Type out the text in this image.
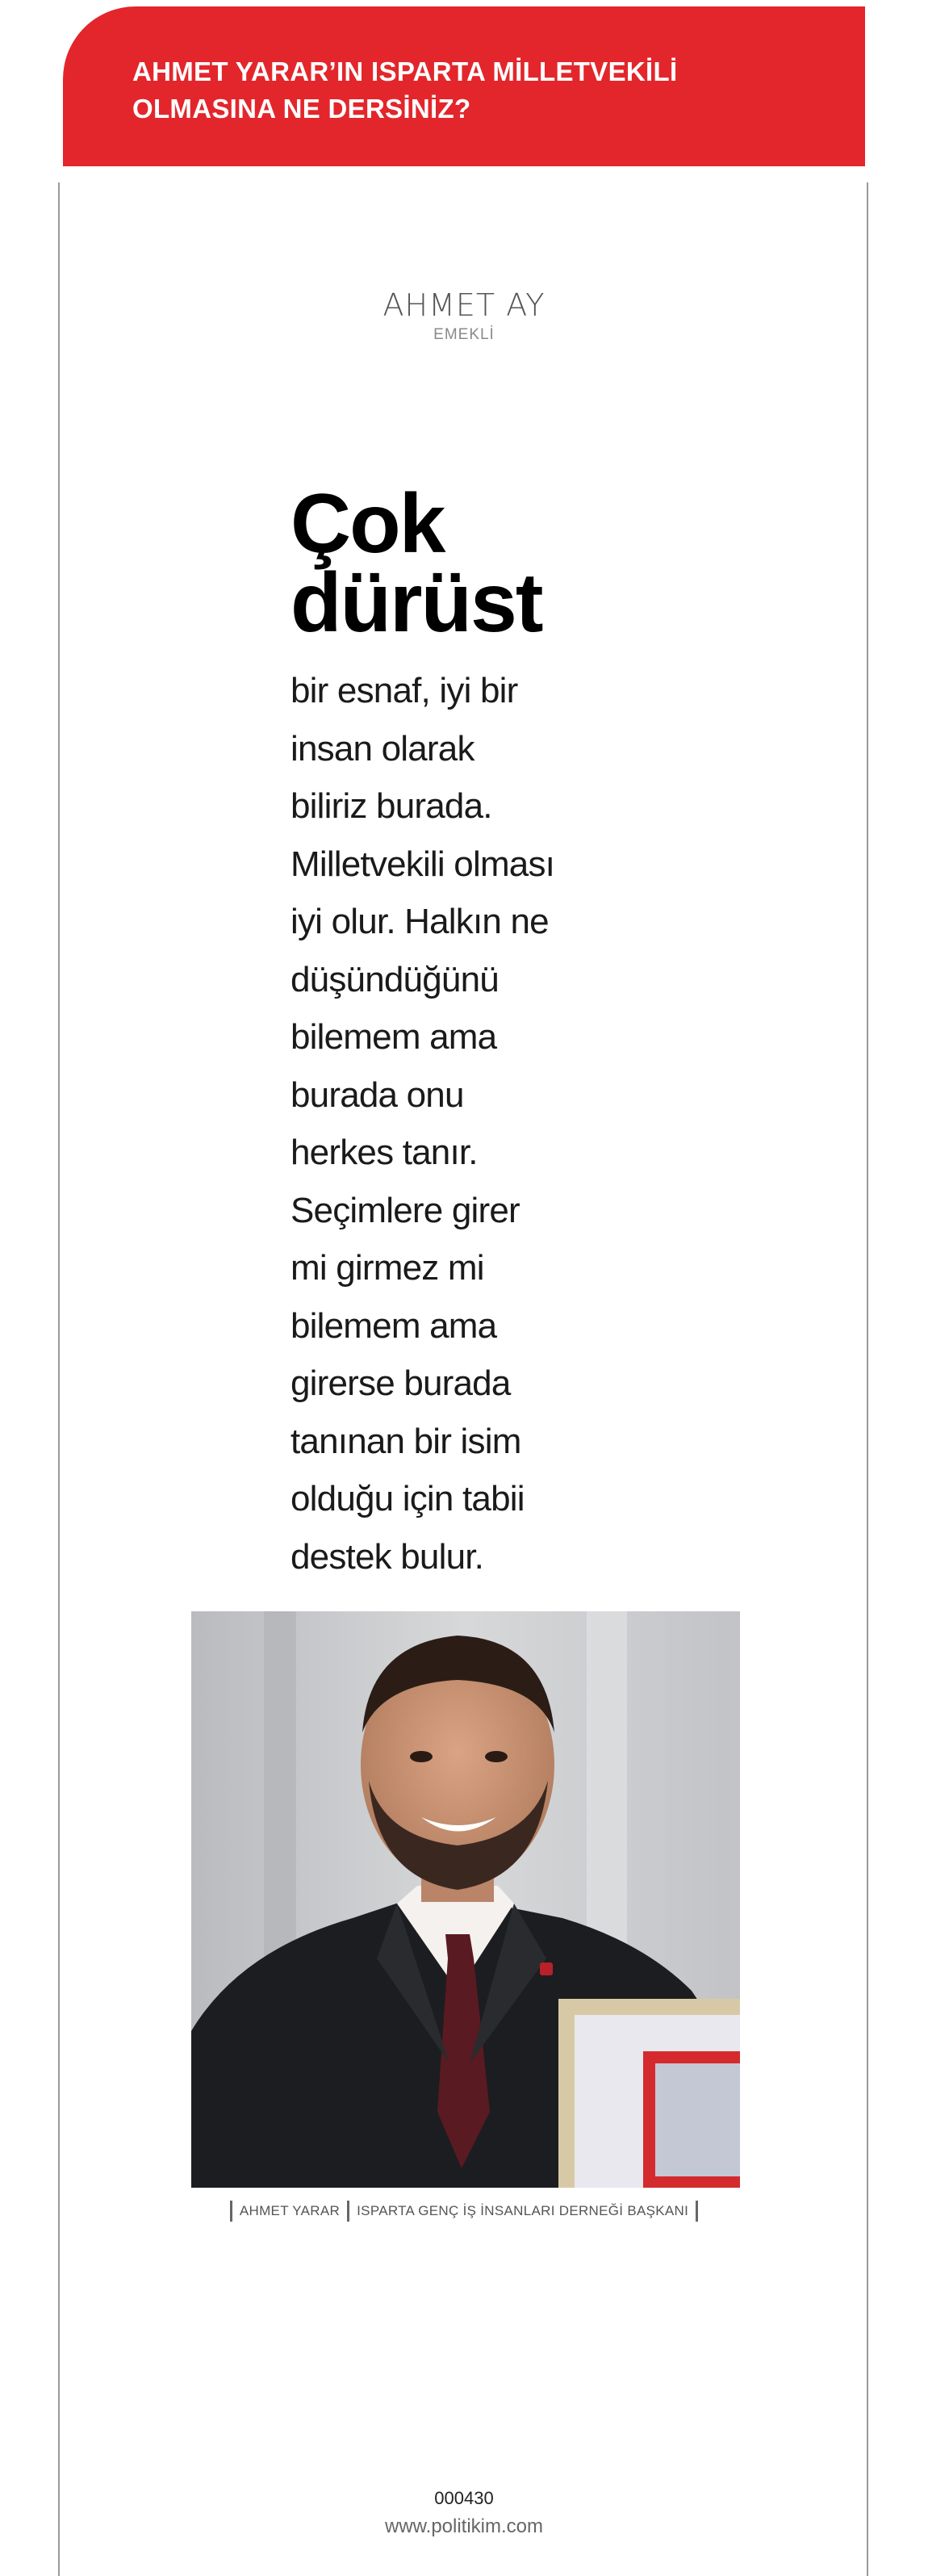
AHMET YARAR’IN ISPARTA MİLLETVEKİLİ
OLMASINA NE DERSİNİZ?
AHMET AY
EMEKLİ
Çok
dürüst
bir esnaf, iyi bir
insan olarak
biliriz burada.
Milletvekili olması
iyi olur. Halkın ne
düşündüğünü
bilemem ama
burada onu
herkes tanır.
Seçimlere girer
mi girmez mi
bilemem ama
girerse burada
tanınan bir isim
olduğu için tabii
destek bulur.
AHMET YARAR ISPARTA GENÇ İŞ İNSANLARI DERNEĞİ BAŞKANI
000430
www.politikim.com
